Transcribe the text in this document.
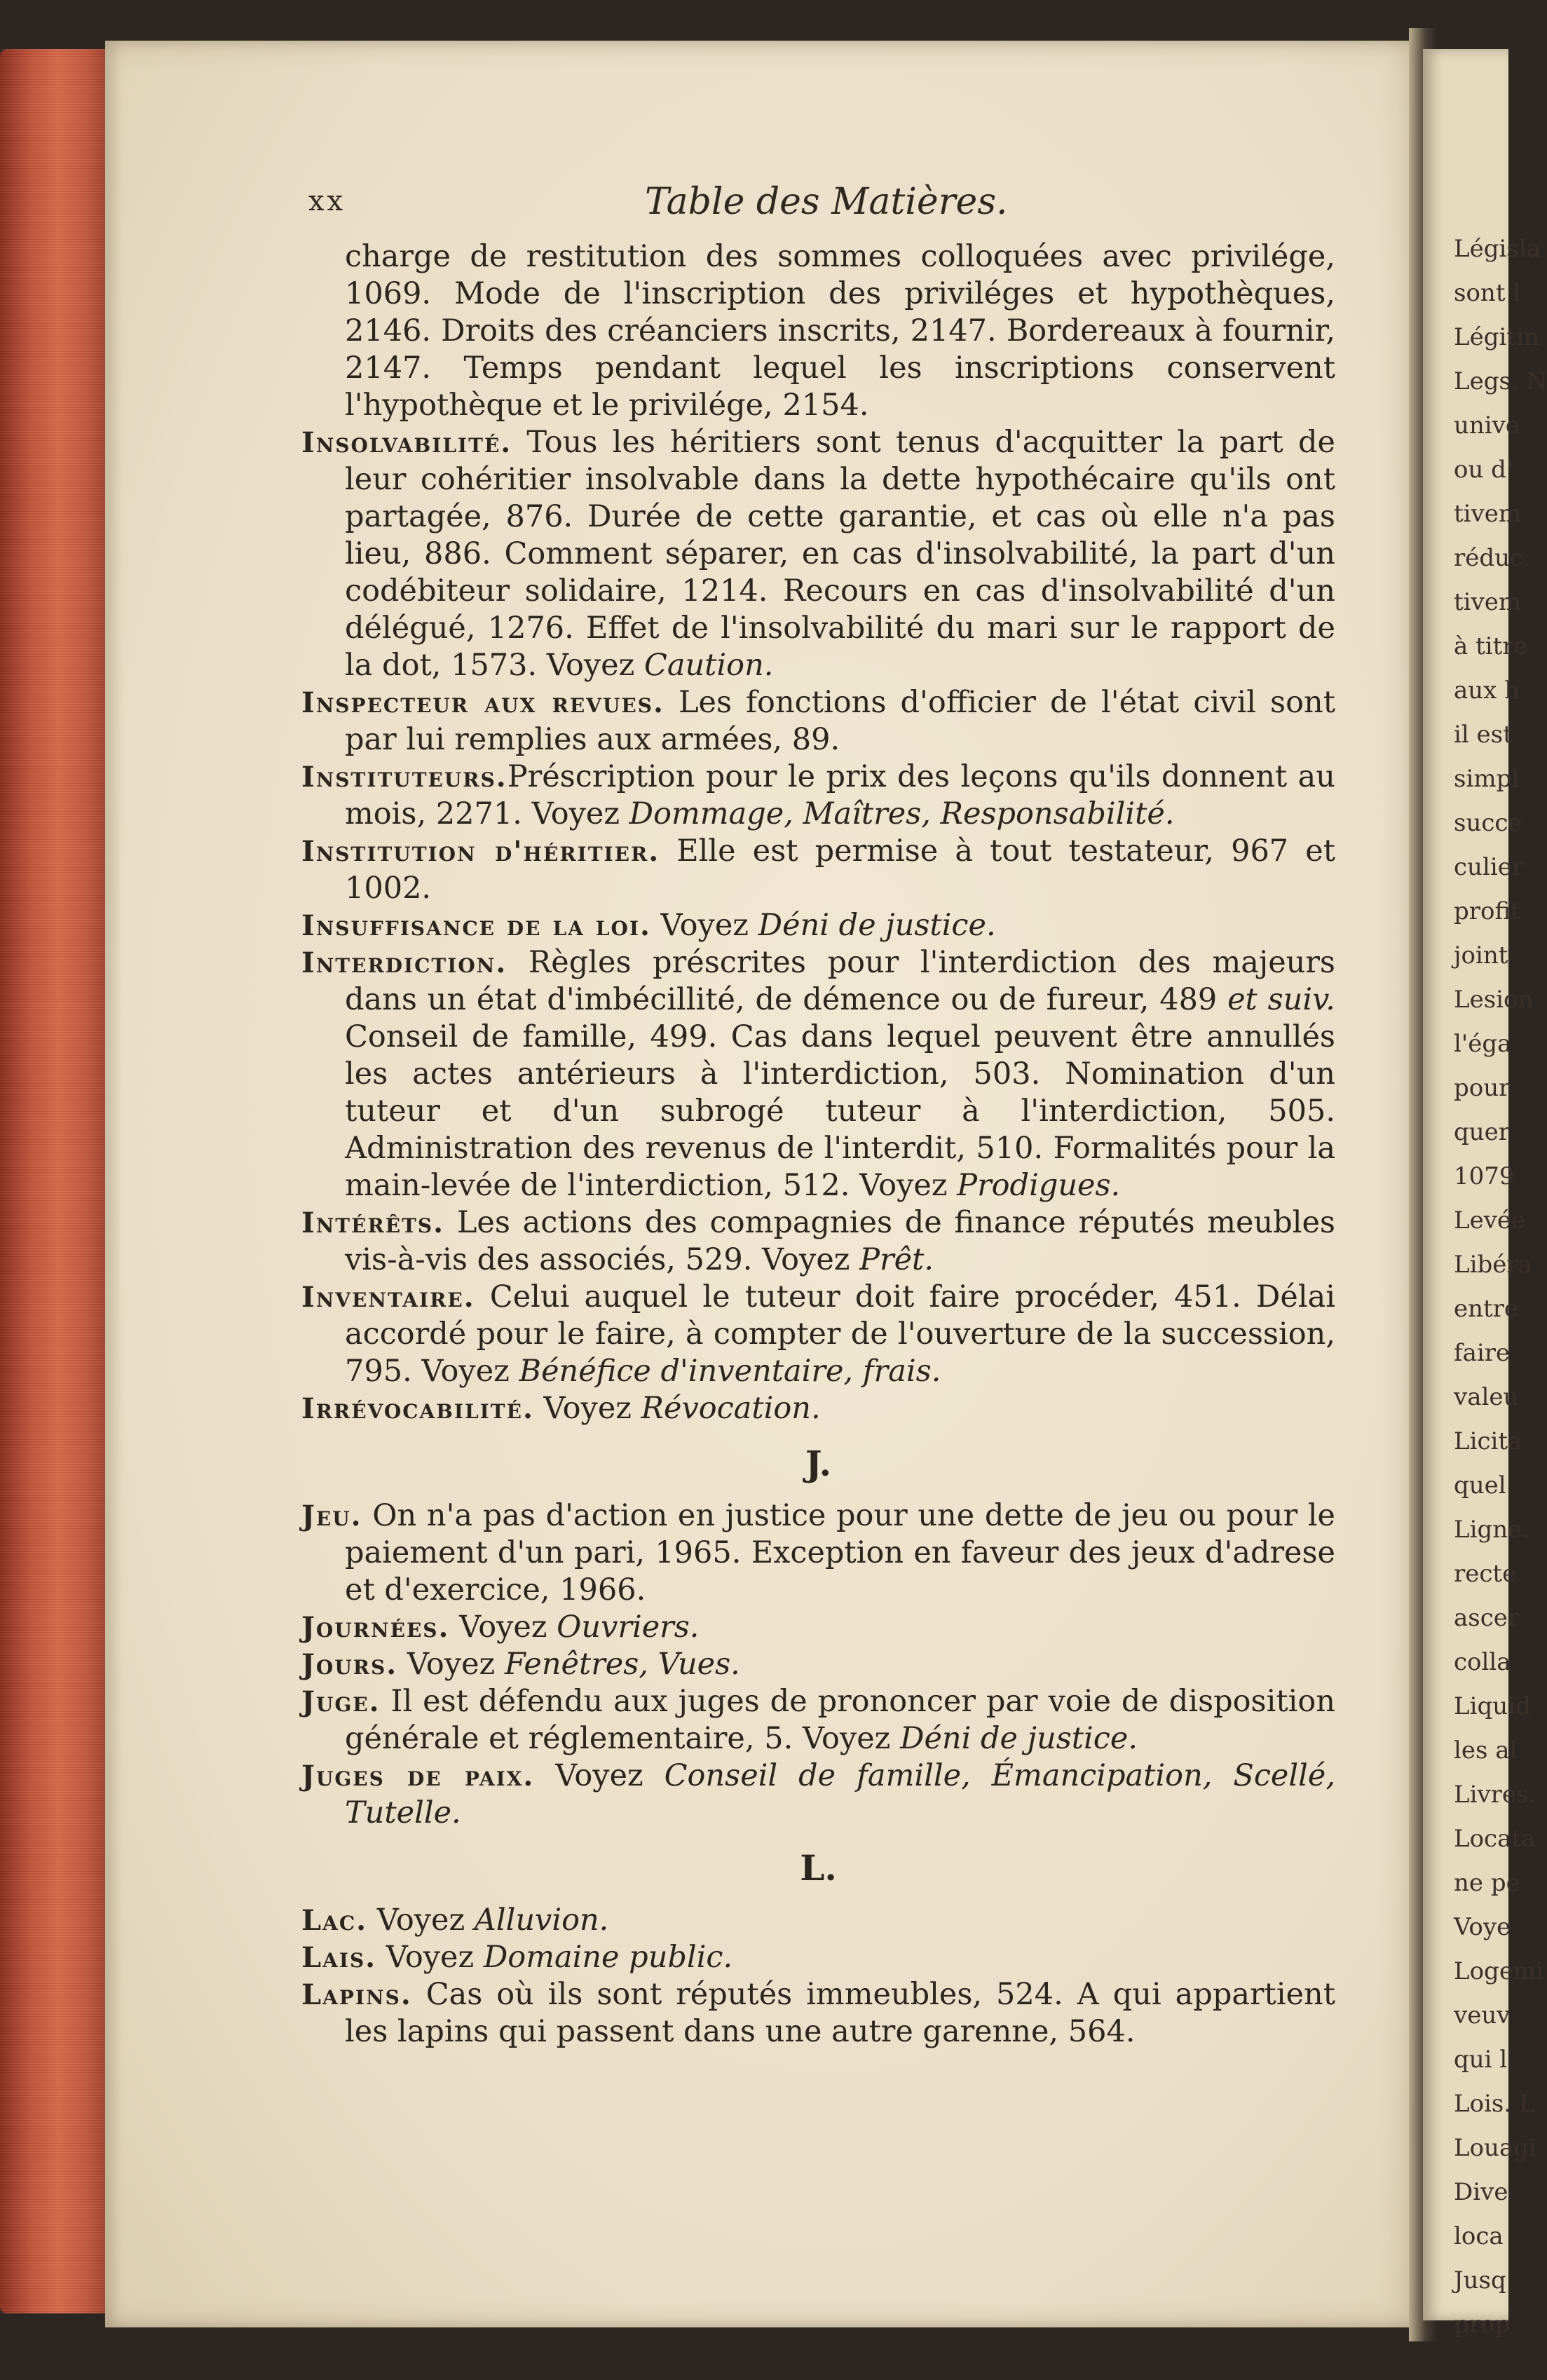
Législa
sont l
Légitin
Legs. N
unive
ou d'
tivem
réduc
tivem
à titre
aux h
il est
simpl
succe
culier
profit
joint
Lesion
l'éga
pour
quer
1079
Levée
Libéra
entre
faire
valeu
Licita
quel
Ligne.
recte
ascer
colla
Liquid
les al
Livres.
Locata
ne pe
Voye
Logemi
veuv
qui l
Lois. L
Louagi
Dive
loca
Jusq
prop
xx	Table des Matières.

charge de restitution des sommes colloquées avec privilége, 1069. Mode de l'inscription des priviléges et hypothèques, 2146. Droits des créanciers inscrits, 2147. Bordereaux à fournir, 2147. Temps pendant lequel les inscriptions conservent l'hypothèque et le privilége, 2154.

Insolvabilité. Tous les héritiers sont tenus d'acquitter la part de leur cohéritier insolvable dans la dette hypothécaire qu'ils ont partagée, 876. Durée de cette garantie, et cas où elle n'a pas lieu, 886. Comment séparer, en cas d'insolvabilité, la part d'un codébiteur solidaire, 1214. Recours en cas d'insolvabilité d'un délégué, 1276. Effet de l'insolvabilité du mari sur le rapport de la dot, 1573. Voyez Caution.

Inspecteur aux revues. Les fonctions d'officier de l'état civil sont par lui remplies aux armées, 89.

Instituteurs.Préscription pour le prix des leçons qu'ils donnent au mois, 2271. Voyez Dommage, Maîtres, Responsabilité.

Institution d'héritier. Elle est permise à tout testateur, 967 et 1002.

Insuffisance de la loi. Voyez Déni de justice.

Interdiction. Règles préscrites pour l'interdiction des majeurs dans un état d'imbécillité, de démence ou de fureur, 489 et suiv. Conseil de famille, 499. Cas dans lequel peuvent être annullés les actes antérieurs à l'interdiction, 503. Nomination d'un tuteur et d'un subrogé tuteur à l'interdiction, 505. Administration des revenus de l'interdit, 510. Formalités pour la main-levée de l'interdiction, 512. Voyez Prodigues.

Intérêts. Les actions des compagnies de finance réputés meubles vis-à-vis des associés, 529. Voyez Prêt.

Inventaire. Celui auquel le tuteur doit faire procéder, 451. Délai accordé pour le faire, à compter de l'ouverture de la succession, 795. Voyez Bénéfice d'inventaire, frais.

Irrévocabilité. Voyez Révocation.

J.

Jeu. On n'a pas d'action en justice pour une dette de jeu ou pour le paiement d'un pari, 1965. Exception en faveur des jeux d'adrese et d'exercice, 1966.

Journées. Voyez Ouvriers.

Jours. Voyez Fenêtres, Vues.

Juge. Il est défendu aux juges de prononcer par voie de disposition générale et réglementaire, 5. Voyez Déni de justice.

Juges de paix. Voyez Conseil de famille, Émancipation, Scellé, Tutelle.

L.

Lac. Voyez Alluvion.

Lais. Voyez Domaine public.

Lapins. Cas où ils sont réputés immeubles, 524. A qui appartient les lapins qui passent dans une autre garenne, 564.
